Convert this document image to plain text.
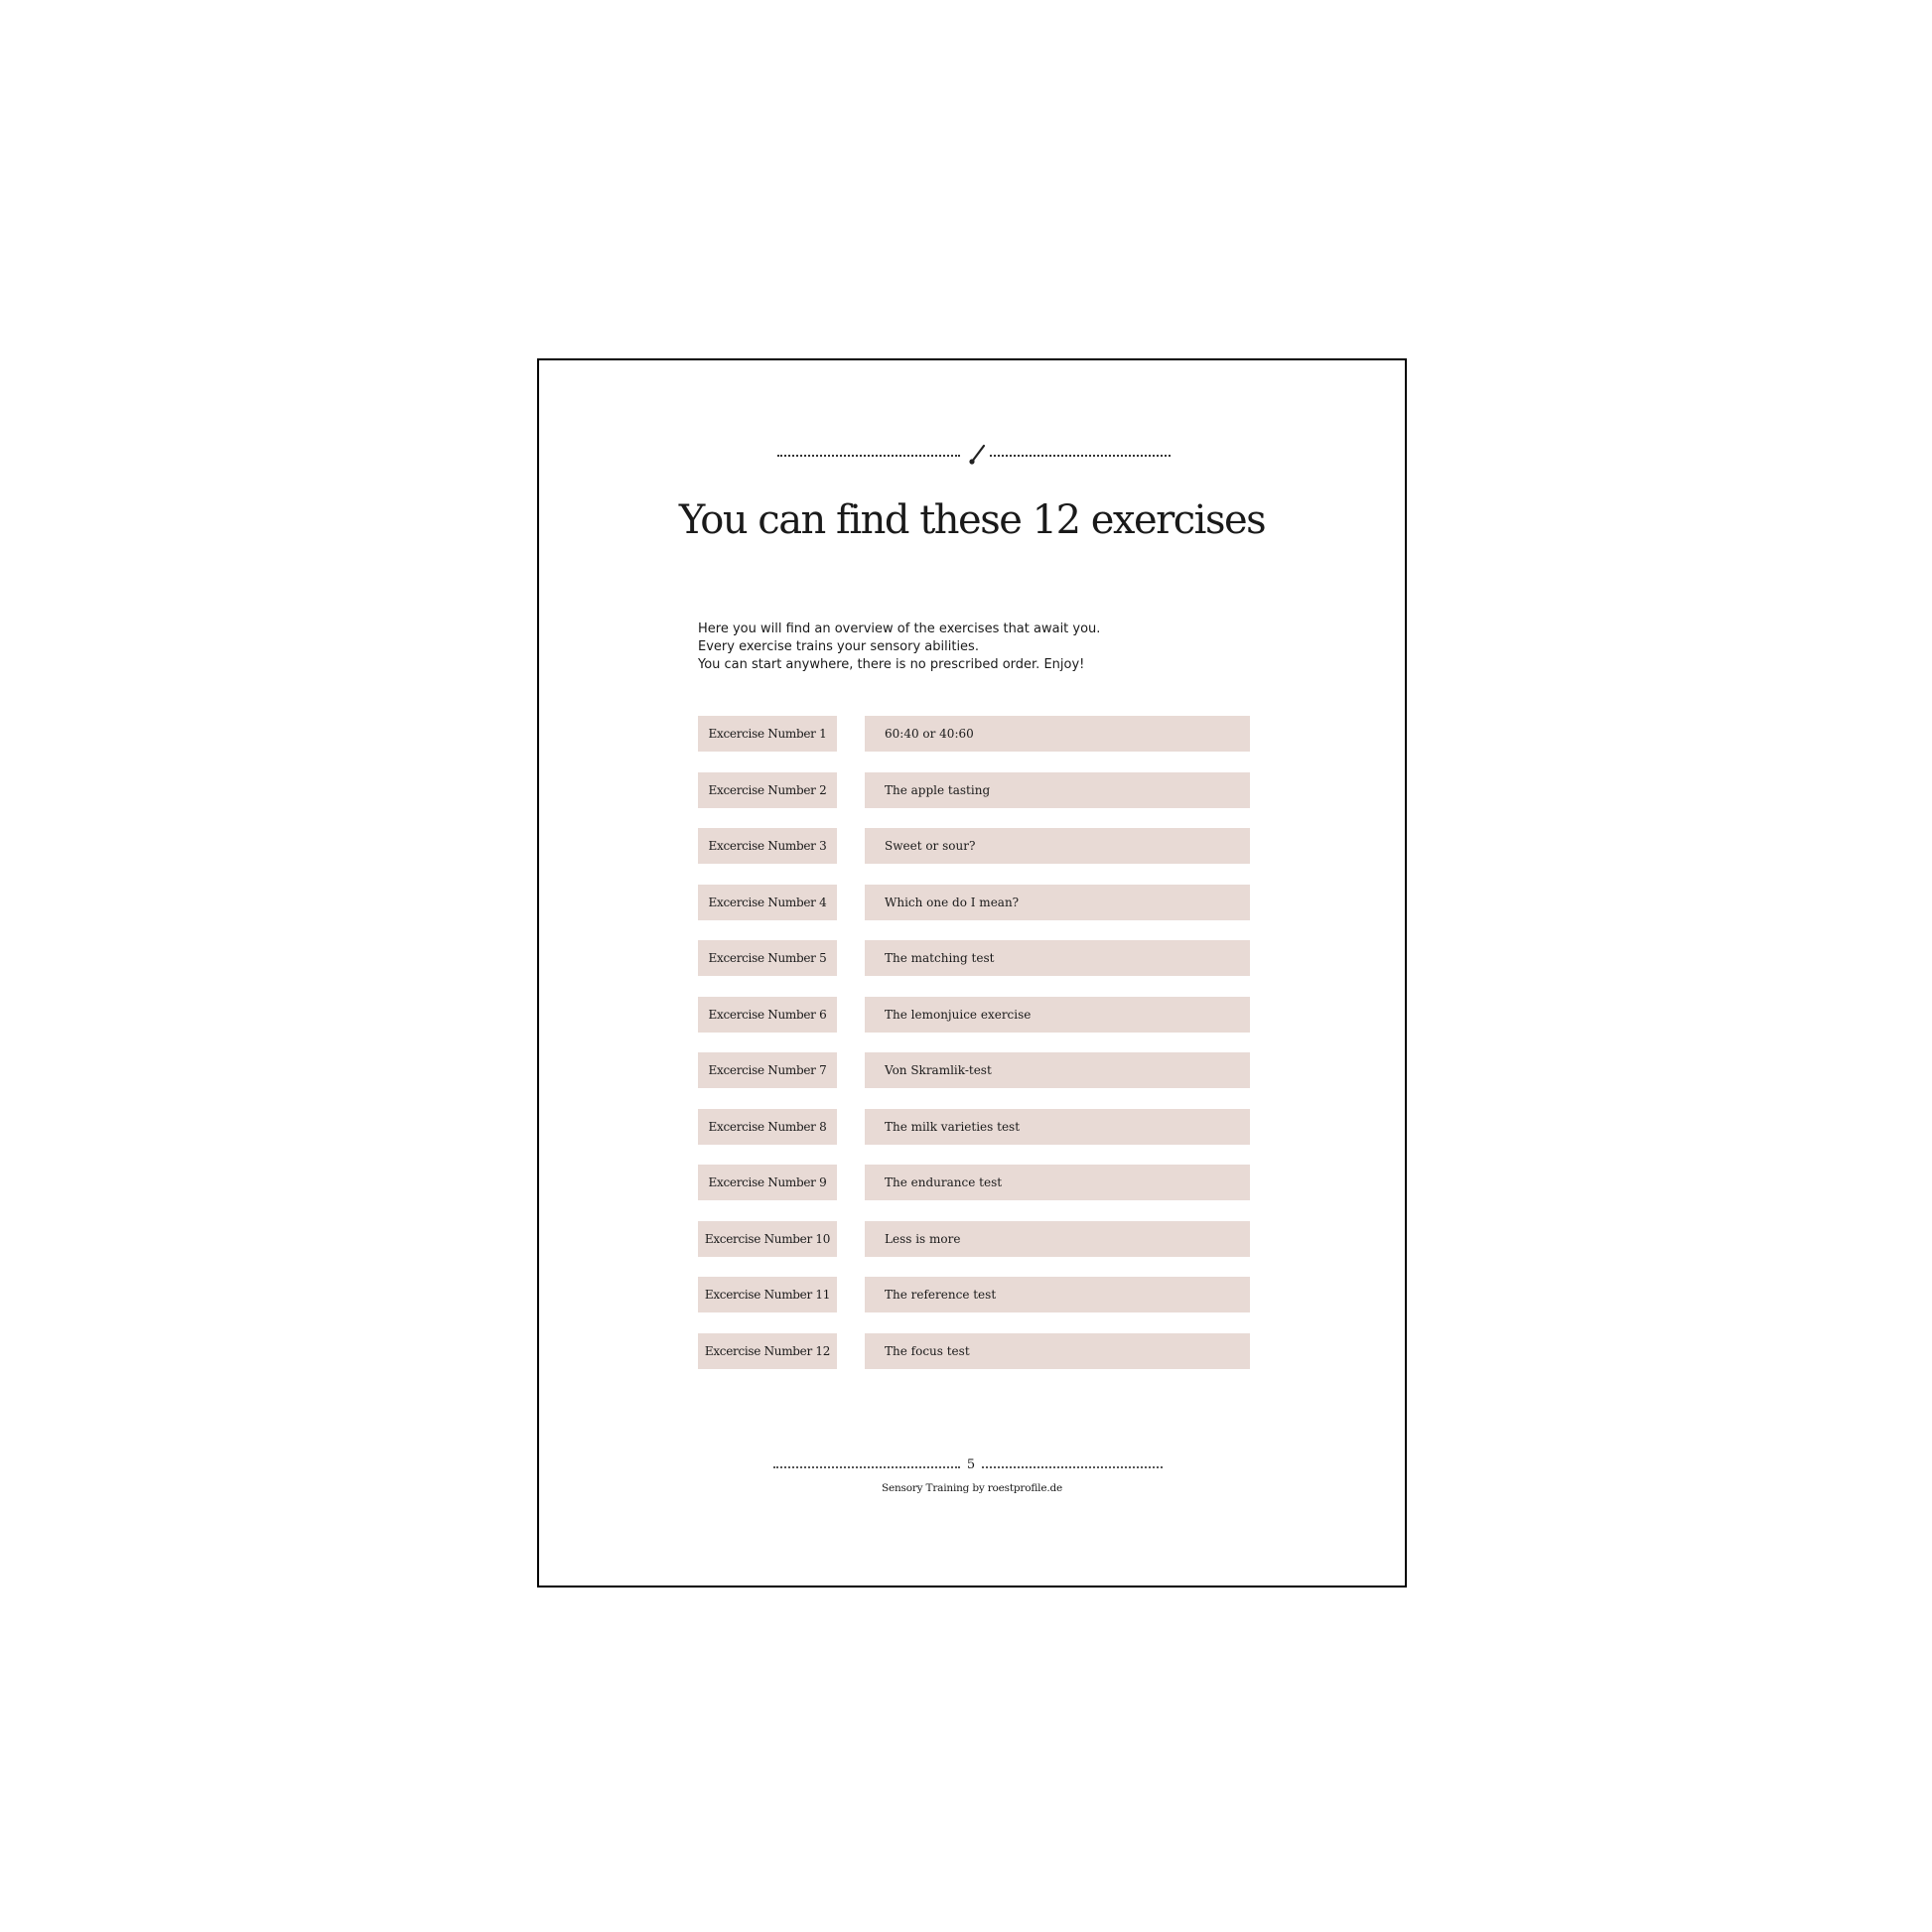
You can find these 12 exercises
Here you will find an overview of the exercises that await you.
Every exercise trains your sensory abilities.
You can start anywhere, there is no prescribed order. Enjoy!
Excercise Number 1	60:40 or 40:60
Excercise Number 2	The apple tasting
Excercise Number 3	Sweet or sour?
Excercise Number 4	Which one do I mean?
Excercise Number 5	The matching test
Excercise Number 6	The lemonjuice exercise
Excercise Number 7	Von Skramlik-test
Excercise Number 8	The milk varieties test
Excercise Number 9	The endurance test
Excercise Number 10	Less is more
Excercise Number 11	The reference test
Excercise Number 12	The focus test
5
Sensory Training by roestprofile.de
